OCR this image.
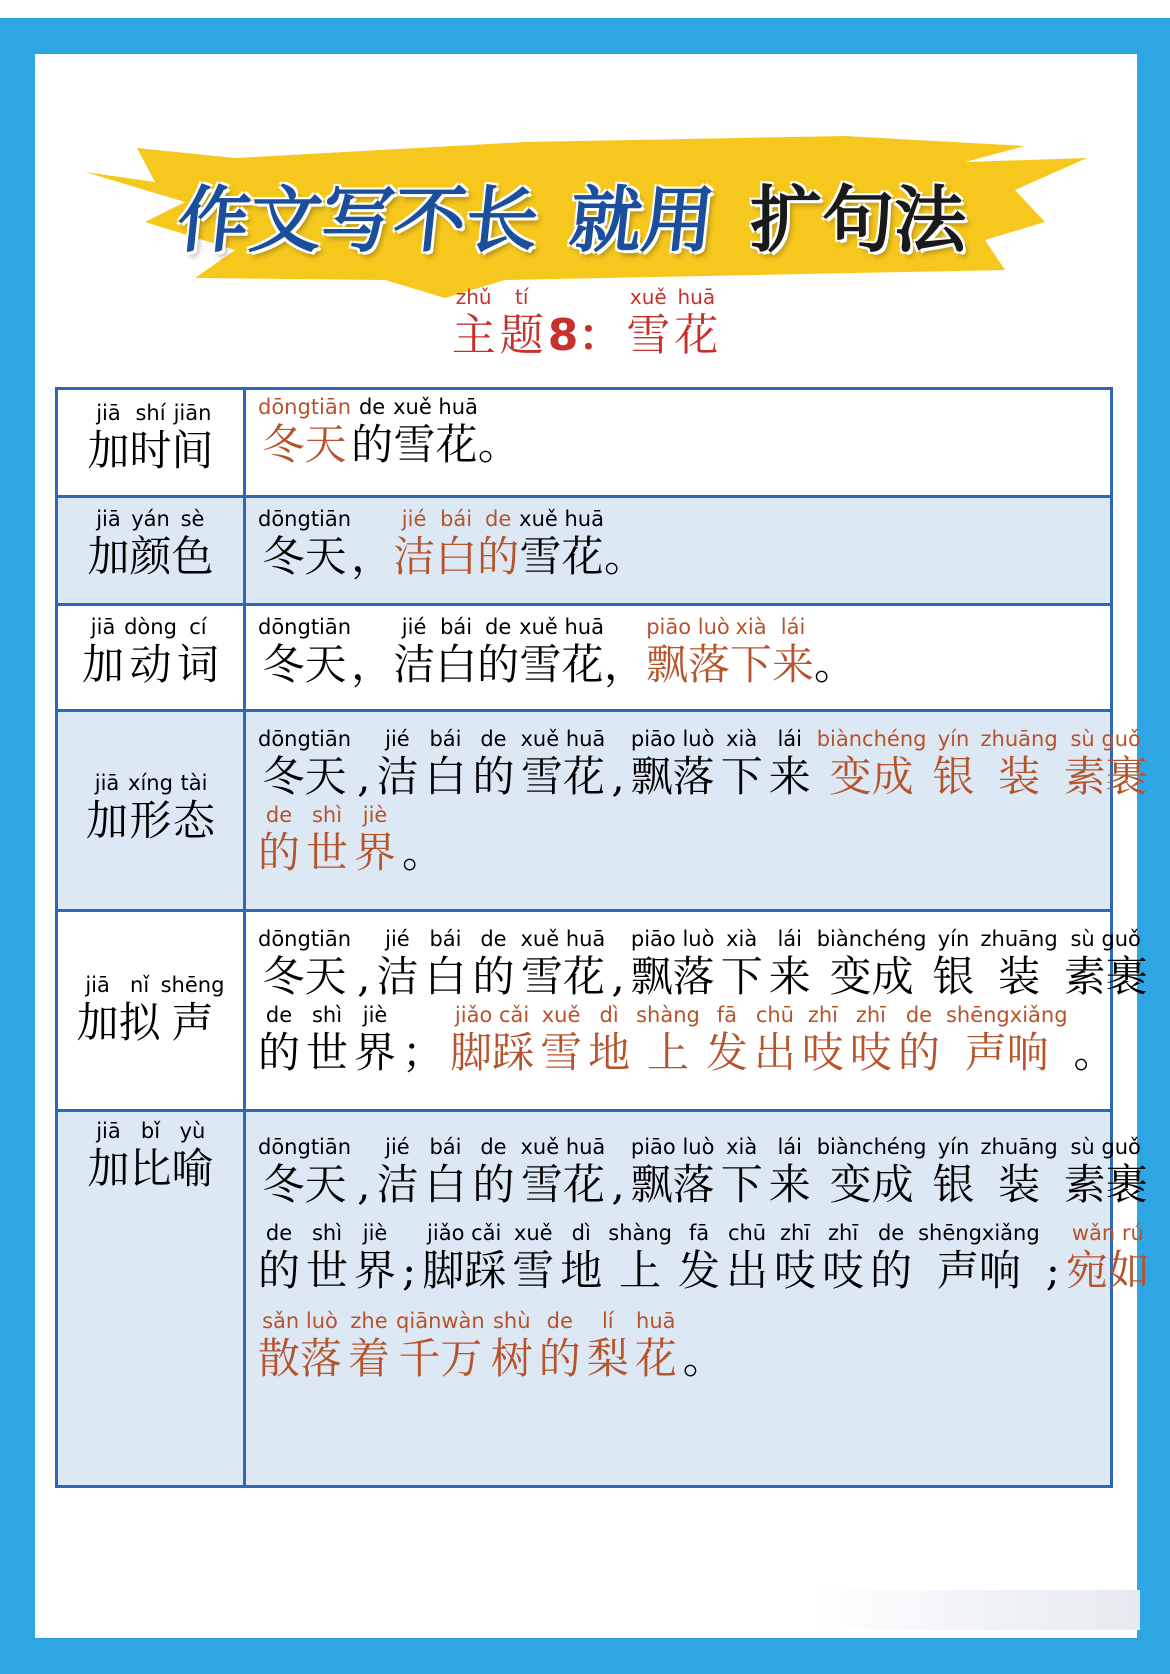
作文写不长 就用 扩句法
zhǔ
主
tí
题
8：
xuě
雪
huā
花
jiā
加
shí
时
jiān
间
dōngtiān
冬天
de
的
xuě huā
雪花
。
jiā
加
yán
颜
sè
色
dōngtiān
冬天
，
jié
洁
bái
白
de
的
xuě huā
雪花
。
jiā
加
dòng
动
cí
词
dōngtiān
冬天
，
jié
洁
bái
白
de
的
xuě huā
雪花
，
piāo luò
飘落
xià
下
lái
来
。
jiā
加
xíng
形
tài
态
dōngtiān
冬天
,
jié
洁
bái
白
de
的
xuě huā
雪花
,
piāo luò
飘落
xià
下
lái
来
biànchéng
变成
yín
银
zhuāng
装
sù guǒ
素裹
de
的
shì
世
jiè
界
。
jiā
加
nǐ
拟
shēng
声
dōngtiān
冬天
,
jié
洁
bái
白
de
的
xuě huā
雪花
,
piāo luò
飘落
xià
下
lái
来
biànchéng
变成
yín
银
zhuāng
装
sù guǒ
素裹
de
的
shì
世
jiè
界
；
jiǎo cǎi
脚踩
xuě
雪
dì
地
shàng
上
fā
发
chū
出
zhī
吱
zhī
吱
de
的
shēngxiǎng
声响
。
jiā
加
bǐ
比
yù
喻 dōngtiān
冬天
,
jié
洁
bái
白
de
的
xuě huā
雪花
,
piāo luò
飘落
xià
下
lái
来
biànchéng
变成
yín
银
zhuāng
装
sù guǒ
素裹
de
的
shì
世
jiè
界
;
jiǎo cǎi
脚踩
xuě
雪
dì
地
shàng
上
fā
发
chū
出
zhī
吱
zhī
吱
de
的
shēngxiǎng
声响
;
wǎn rú
宛如
sǎn luò
散落
zhe
着
qiānwàn
千万
shù
树
de
的
lí
梨
huā
花
。
